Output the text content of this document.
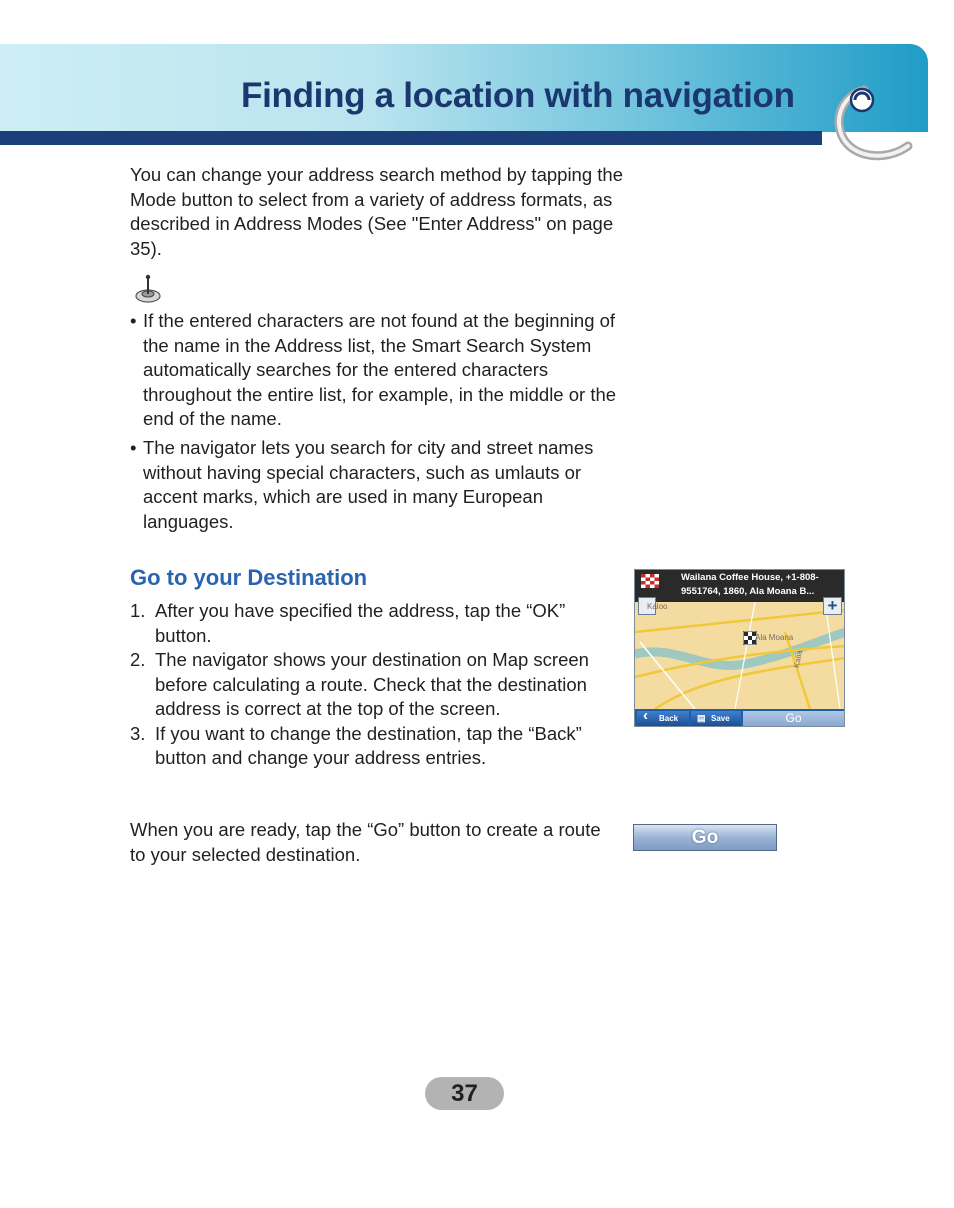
Finding a location with navigation

You can change your address search method by tapping the Mode button to select from a variety of address formats, as described in Address Modes (See "Enter Address" on page 35).

• If the entered characters are not found at the beginning of the name in the Address list, the Smart Search System automatically searches for the entered characters throughout the entire list, for example, in the middle or the end of the name.
• The navigator lets you search for city and street names without having special characters, such as umlauts or accent marks, which are used in many European languages.
Go to your Destination
1. After you have specified the address, tap the “OK” button.
2. The navigator shows your destination on Map screen before calculating a route. Check that the destination address is correct at the top of the screen.
3. If you want to change the destination, tap the “Back” button and change your address entries.

When you are ready, tap the “Go” button to create a route to your selected destination.

Wailana Coffee House, +1-808-
9551764, 1860, Ala Moana B...
+
Kaloo
Ala Moana
Kalia
‹ Back
▤	Save	Go
Go
37
